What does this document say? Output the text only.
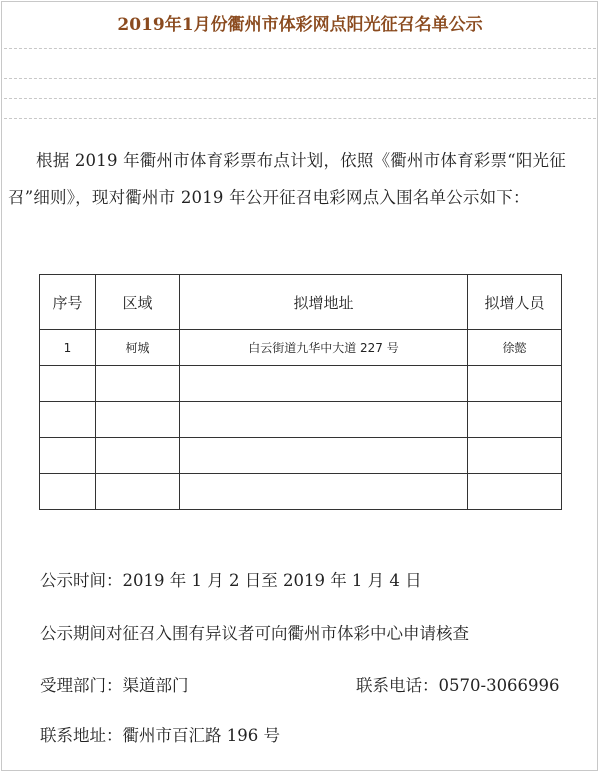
2019年1月份衢州市体彩网点阳光征召名单公示
根据 2019 年衢州市体育彩票布点计划，依照《衢州市体育彩票“阳光征召”细则》，现对衢州市 2019 年公开征召电彩网点入围名单公示如下：
序号	区域	拟增地址	拟增人员
1	柯城	白云街道九华中大道 227 号	徐懿

公示时间：2019 年 1 月 2 日至 2019 年 1 月 4 日
公示期间对征召入围有异议者可向衢州市体彩中心申请核查
受理部门：渠道部门	联系电话：0570-3066996
联系地址：衢州市百汇路 196 号
